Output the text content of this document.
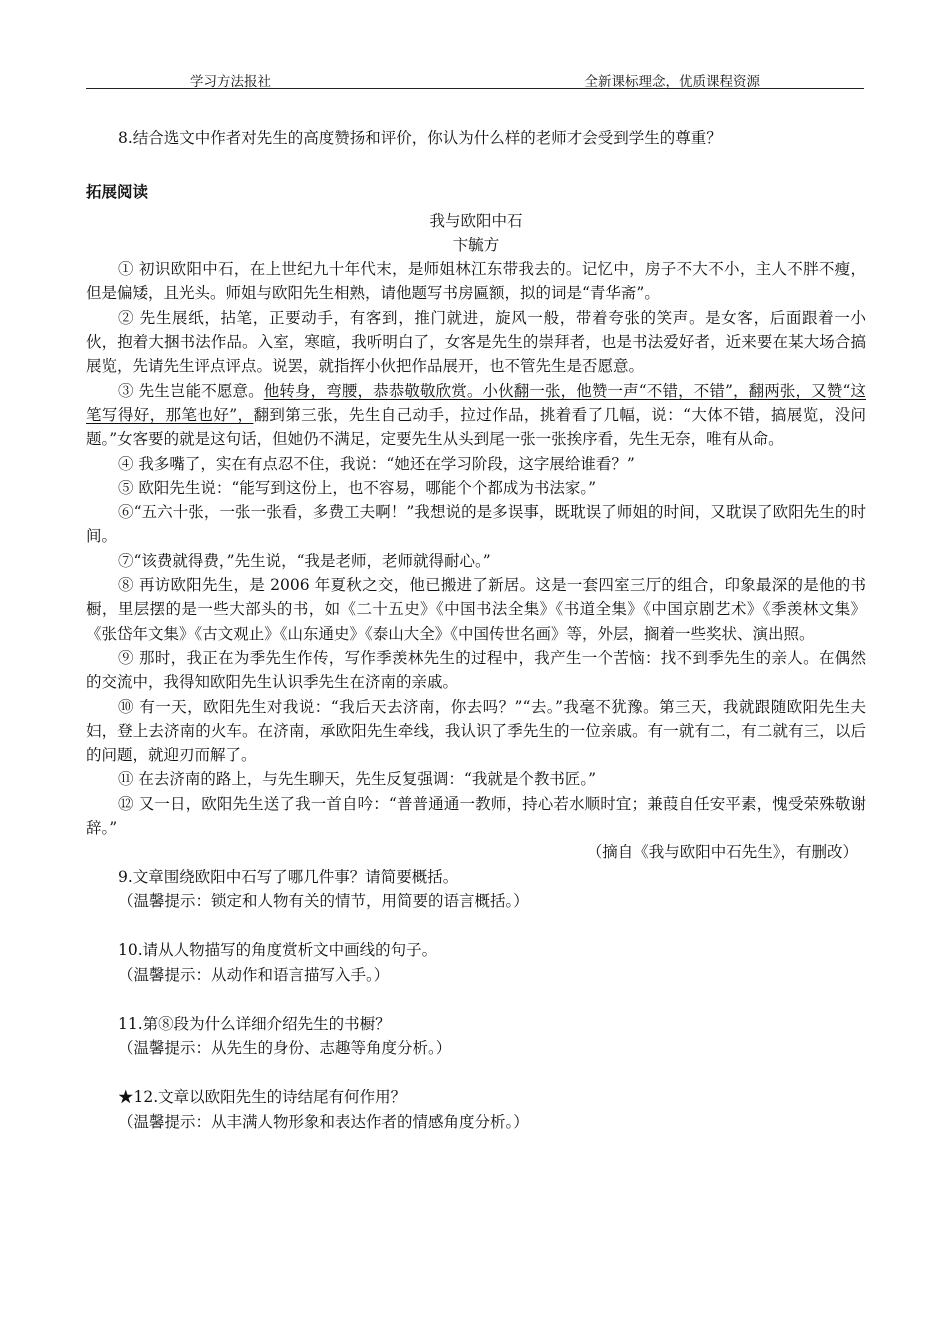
学习方法报社	全新课标理念，优质课程资源

8.结合选文中作者对先生的高度赞扬和评价，你认为什么样的老师才会受到学生的尊重？

拓展阅读

我与欧阳中石

卞毓方

① 初识欧阳中石，在上世纪九十年代末，是师姐林江东带我去的。记忆中，房子不大不小，主人不胖不瘦，但是偏矮，且光头。师姐与欧阳先生相熟，请他题写书房匾额，拟的词是“青华斋”。

② 先生展纸，拈笔，正要动手，有客到，推门就进，旋风一般，带着夸张的笑声。是女客，后面跟着一小伙，抱着大捆书法作品。入室，寒暄，我听明白了，女客是先生的崇拜者，也是书法爱好者，近来要在某大场合搞展览，先请先生评点评点。说罢，就指挥小伙把作品展开，也不管先生是否愿意。

③ 先生岂能不愿意。他转身，弯腰，恭恭敬敬欣赏。小伙翻一张，他赞一声“不错，不错”，翻两张，又赞“这笔写得好，那笔也好”，翻到第三张，先生自己动手，拉过作品，挑着看了几幅，说：“大体不错，搞展览，没问题。”女客要的就是这句话，但她仍不满足，定要先生从头到尾一张一张挨序看，先生无奈，唯有从命。

④ 我多嘴了，实在有点忍不住，我说：“她还在学习阶段，这字展给谁看？”

⑤ 欧阳先生说：“能写到这份上，也不容易，哪能个个都成为书法家。”

⑥“五六十张，一张一张看，多费工夫啊！”我想说的是多误事，既耽误了师姐的时间，又耽误了欧阳先生的时间。

⑦“该费就得费，”先生说，“我是老师，老师就得耐心。”

⑧ 再访欧阳先生，是 2006 年夏秋之交，他已搬进了新居。这是一套四室三厅的组合，印象最深的是他的书橱，里层摆的是一些大部头的书，如《二十五史》《中国书法全集》《书道全集》《中国京剧艺术》《季羡林文集》《张岱年文集》《古文观止》《山东通史》《泰山大全》《中国传世名画》等，外层，搁着一些奖状、演出照。

⑨ 那时，我正在为季先生作传，写作季羡林先生的过程中，我产生一个苦恼：找不到季先生的亲人。在偶然的交流中，我得知欧阳先生认识季先生在济南的亲戚。

⑩ 有一天，欧阳先生对我说：“我后天去济南，你去吗？”“去。”我毫不犹豫。第三天，我就跟随欧阳先生夫妇，登上去济南的火车。在济南，承欧阳先生牵线，我认识了季先生的一位亲戚。有一就有二，有二就有三，以后的问题，就迎刃而解了。

⑪ 在去济南的路上，与先生聊天，先生反复强调：“我就是个教书匠。”

⑫ 又一日，欧阳先生送了我一首自吟：“普普通通一教师，持心若水顺时宜；兼葭自任安平素，愧受荣殊敬谢辞。”

（摘自《我与欧阳中石先生》，有删改）

9.文章围绕欧阳中石写了哪几件事？请简要概括。

（温馨提示：锁定和人物有关的情节，用简要的语言概括。）

10.请从人物描写的角度赏析文中画线的句子。

（温馨提示：从动作和语言描写入手。）

11.第⑧段为什么详细介绍先生的书橱？

（温馨提示：从先生的身份、志趣等角度分析。）

★12.文章以欧阳先生的诗结尾有何作用？

（温馨提示：从丰满人物形象和表达作者的情感角度分析。）
